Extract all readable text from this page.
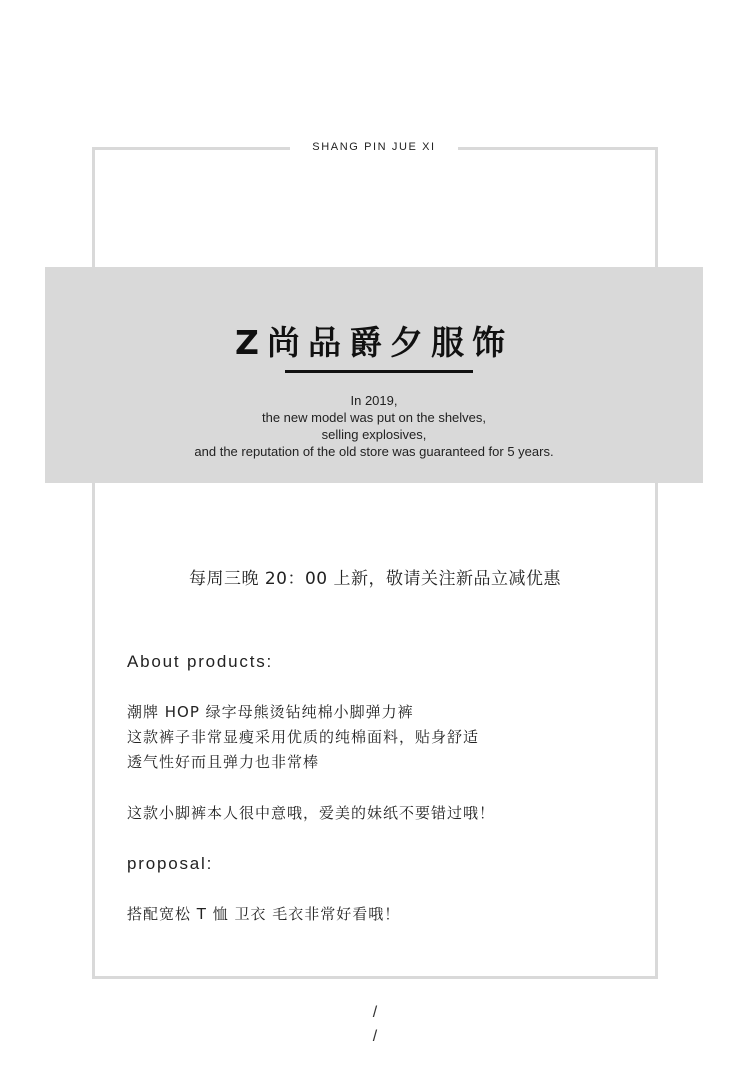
SHANG PIN JUE XI
Z尚品爵夕服饰
In 2019,
the new model was put on the shelves,
selling explosives,
and the reputation of the old store was guaranteed for 5 years.
每周三晚 20：00 上新，敬请关注新品立减优惠
About products:
潮牌 HOP 绿字母熊烫钻纯棉小脚弹力裤
这款裤子非常显瘦采用优质的纯棉面料，贴身舒适
透气性好而且弹力也非常棒
这款小脚裤本人很中意哦，爱美的妹纸不要错过哦！
proposal:
搭配宽松 T 恤 卫衣 毛衣非常好看哦！
/
/
